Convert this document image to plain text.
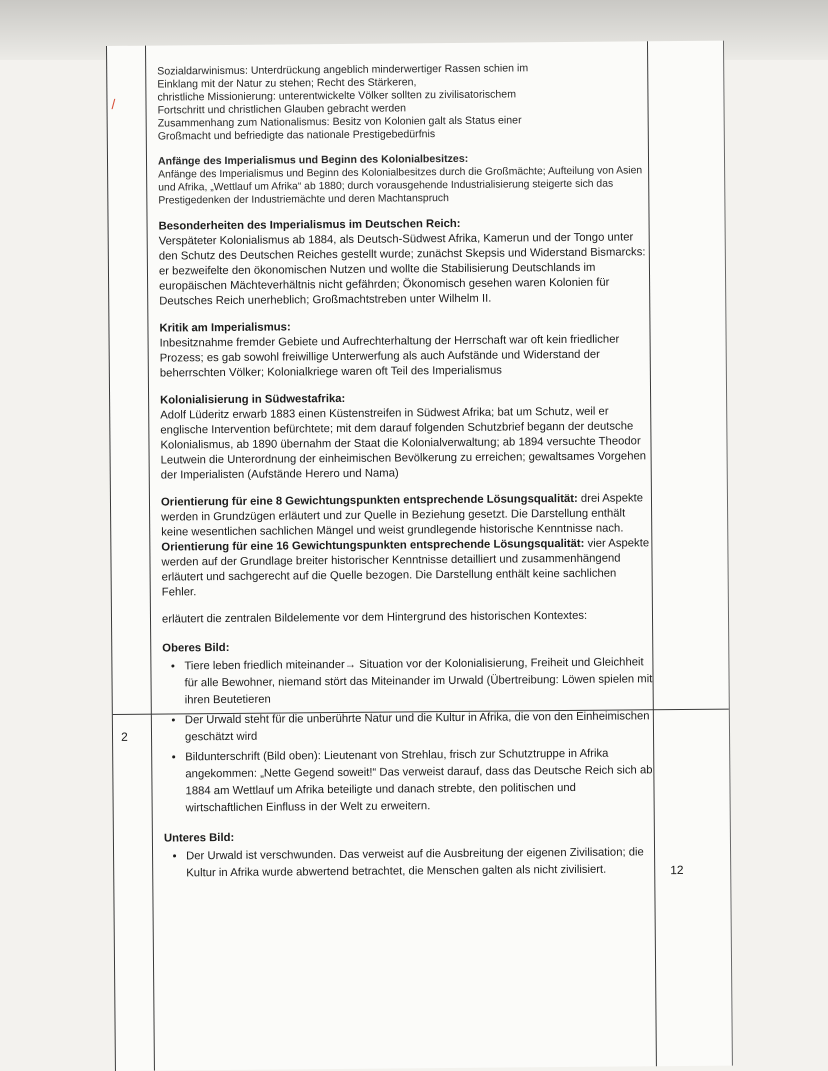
2
12
/
Sozialdarwinismus: Unterdrückung angeblich minderwertiger Rassen schien im
Einklang mit der Natur zu stehen; Recht des Stärkeren,
christliche Missionierung: unterentwickelte Völker sollten zu zivilisatorischem
Fortschritt und christlichen Glauben gebracht werden
Zusammenhang zum Nationalismus: Besitz von Kolonien galt als Status einer
Großmacht und befriedigte das nationale Prestigebedürfnis
Anfänge des Imperialismus und Beginn des Kolonialbesitzes:
Anfänge des Imperialismus und Beginn des Kolonialbesitzes durch die Großmächte; Aufteilung von Asien und Afrika, „Wettlauf um Afrika“ ab 1880; durch vorausgehende Industrialisierung steigerte sich das Prestigedenken der Industriemächte und deren Machtanspruch
Besonderheiten des Imperialismus im Deutschen Reich:
Verspäteter Kolonialismus ab 1884, als Deutsch-Südwest Afrika, Kamerun und der Tongo unter den Schutz des Deutschen Reiches gestellt wurde; zunächst Skepsis und Widerstand Bismarcks: er bezweifelte den ökonomischen Nutzen und wollte die Stabilisierung Deutschlands im europäischen Mächteverhältnis nicht gefährden; Ökonomisch gesehen waren Kolonien für Deutsches Reich unerheblich; Großmachtstreben unter Wilhelm II.
Kritik am Imperialismus:
Inbesitznahme fremder Gebiete und Aufrechterhaltung der Herrschaft war oft kein friedlicher Prozess; es gab sowohl freiwillige Unterwerfung als auch Aufstände und Widerstand der beherrschten Völker; Kolonialkriege waren oft Teil des Imperialismus
Kolonialisierung in Südwestafrika:
Adolf Lüderitz erwarb 1883 einen Küstenstreifen in Südwest Afrika; bat um Schutz, weil er englische Intervention befürchtete; mit dem darauf folgenden Schutzbrief begann der deutsche Kolonialismus, ab 1890 übernahm der Staat die Kolonialverwaltung; ab 1894 versuchte Theodor Leutwein die Unterordnung der einheimischen Bevölkerung zu erreichen; gewaltsames Vorgehen der Imperialisten (Aufstände Herero und Nama)

Orientierung für eine 8 Gewichtungspunkten entsprechende Lösungsqualität: drei Aspekte werden in Grundzügen erläutert und zur Quelle in Beziehung gesetzt. Die Darstellung enthält keine wesentlichen sachlichen Mängel und weist grundlegende historische Kenntnisse nach.

Orientierung für eine 16 Gewichtungspunkten entsprechende Lösungsqualität: vier Aspekte werden auf der Grundlage breiter historischer Kenntnisse detailliert und zusammenhängend erläutert und sachgerecht auf die Quelle bezogen. Die Darstellung enthält keine sachlichen Fehler.

erläutert die zentralen Bildelemente vor dem Hintergrund des historischen Kontextes:
Oberes Bild:
• Tiere leben friedlich miteinander→ Situation vor der Kolonialisierung, Freiheit und Gleichheit für alle Bewohner, niemand stört das Miteinander im Urwald (Übertreibung: Löwen spielen mit ihren Beutetieren
• Der Urwald steht für die unberührte Natur und die Kultur in Afrika, die von den Einheimischen geschätzt wird
• Bildunterschrift (Bild oben): Lieutenant von Strehlau, frisch zur Schutztruppe in Afrika angekommen: „Nette Gegend soweit!“ Das verweist darauf, dass das Deutsche Reich sich ab 1884 am Wettlauf um Afrika beteiligte und danach strebte, den politischen und wirtschaftlichen Einfluss in der Welt zu erweitern.
Unteres Bild:
• Der Urwald ist verschwunden. Das verweist auf die Ausbreitung der eigenen Zivilisation; die Kultur in Afrika wurde abwertend betrachtet, die Menschen galten als nicht zivilisiert.
